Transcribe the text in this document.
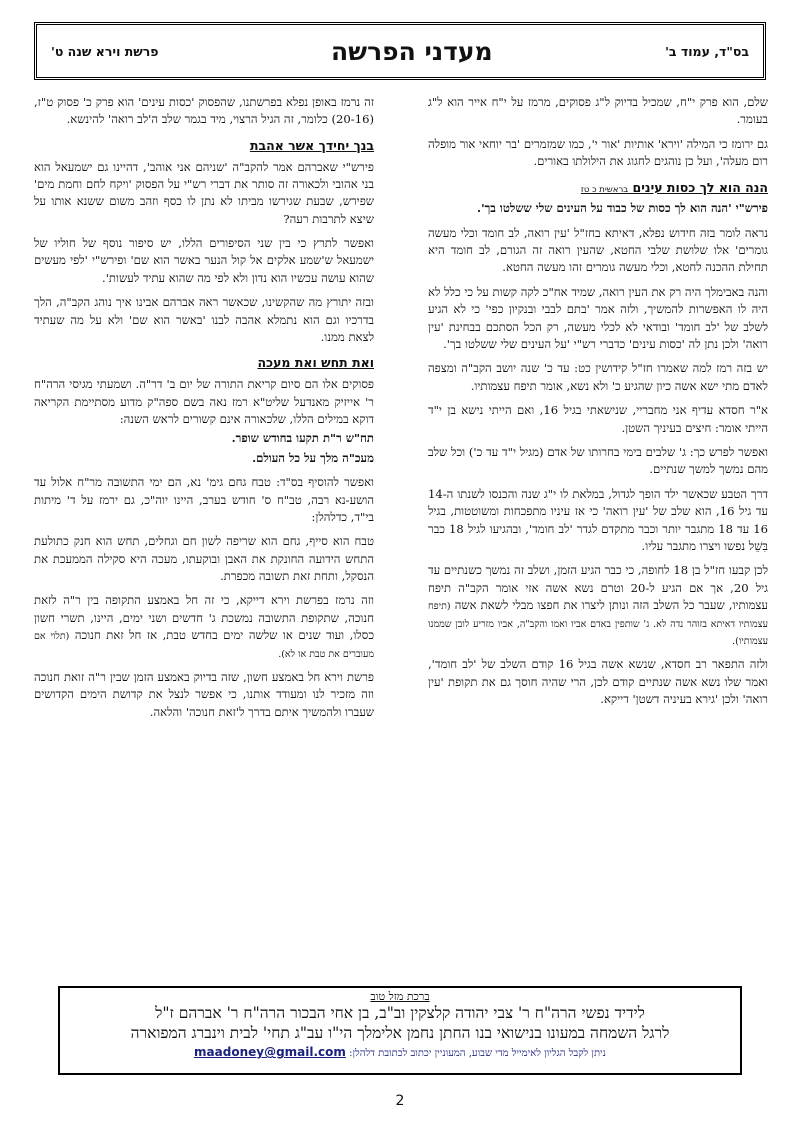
בס"ד, עמוד ב'
מעדני הפרשה
פרשת וירא שנה ט'

שלם, הוא פרק י"ח, שמכיל בדיוק ל"ג פסוקים, מרמז על י"ח אייר הוא ל"ג בעומר.

גם ירומז כי המילה 'וירא' אותיות 'אור י', כמו שמזמרים 'בר יוחאי אור מופלה רום מעלה', ועל כן נוהגים לחגוג את הילולתו באורים.

הנה הוא לך כסות עינים בראשית כ טז

פירש"י 'הנה הוא לך כסות של כבוד על העינים שלי ששלטו בך'.

נראה לומר בזה חידוש נפלא, דאיתא בחז"ל 'עין רואה, לב חומד וכלי מעשה גומרים' אלו שלושת שלבי החטא, שהעין רואה זה הגורם, לב חומד היא תחילת ההכנה לחטא, וכלי מעשה גומרים זהו מעשה החטא.

והנה באבימלך היה רק את העין רואה, שמיד אח"כ לקה קשות על כי כלל לא היה לו האפשרות להמשיך, ולזה אמר 'בתם לבבי ובנקיון כפי' כי לא הגיע לשלב של 'לב חומד' ובודאי לא לכלי מעשה, רק הכל הסתכם בבחינת 'עין רואה' ולכן נתן לה 'כסות עינים' כדברי רש"י 'על העינים שלי ששלטו בך'.

יש בזה רמז למה שאמרו חז"ל קידושין כט: עד כ' שנה יושב הקב"ה ומצפה לאדם מתי ישא אשה כיון שהגיע כ' ולא נשא, אומר תיפח עצמותיו.

א"ר חסדא עדיף אני מחבריי, שנישאתי בגיל 16, ואם הייתי נישא בן י"ד הייתי אומר: חיצים בעיניך השטן.

ואפשר לפרש כך: ג' שלבים בימי בחרותו של אדם (מגיל י"ד עד כ') וכל שלב מהם נמשך למשך שנתיים.

דרך הטבע שכאשר ילד הופך לגדול, במלאת לו י"ג שנה והכנסו לשנתו ה-14 עד גיל 16, הוא שלב של 'עין רואה' כי אז עיניו מתפכחות ומשוטטות, בגיל 16 עד 18 מתגבר יותר וכבר מתקדם לגדר 'לב חומד', ובהגיעו לגיל 18 כבר בִּשֵׁל נפשו ויצרו מתגבר עליו.

לכן קבעו חז"ל בן 18 לחופה, כי כבר הגיע הזמן, ושלב זה נמשך כשנתיים עד גיל 20, אך אם הגיע ל-20 וטרם נשא אשה אזי אומר הקב"ה תיפח עצמותיו, שעבר כל השלב הזה ונותן ליצרו את חפצו מבלי לשאת אשה (תיפח עצמותיו דאיתא בזוהר נדה לא. ג' שותפין באדם אביו ואמו והקב"ה, אביו מזריע לובן שממנו עצמותיו).

ולזה התפאר רב חסדא, שנשא אשה בגיל 16 קודם השלב של 'לב חומד', ואמר שלו נשא אשה שנתיים קודם לכן, הרי שהיה חוסך גם את תקופת 'עין רואה' ולכן 'גירא בעיניה דשטן' דייקא.

זה נרמז באופן נפלא בפרשתנו, שהפסוק 'כסות עינים' הוא פרק כ' פסוק ט"ז, (20-16) כלומר, זה הגיל הרצוי, מיד בגמר שלב ה'לב רואה' להינשא.

בנך יחידך אשר אהבת

פירש"י שאברהם אמר להקב"ה 'שניהם אני אוהב', דהיינו גם ישמעאל הוא בני אהובי ולכאורה זה סותר את דברי רש"י על הפסוק 'ויקח לחם וחמת מים' שפירש, שבעת שגירשו מביתו לא נתן לו כסף וזהב משום ששנא אותו על שיצא לתרבות רעה?

ואפשר לתרץ כי בין שני הסיפורים הללו, יש סיפור נוסף של חוליו של ישמעאל ש'שמע אלקים אל קול הנער באשר הוא שם' ופירש"י 'לפי מעשים שהוא עושה עכשיו הוא נדון ולא לפי מה שהוא עתיד לעשות'.

ובזה יתורץ מה שהקשינו, שכאשר ראה אברהם אבינו איך נוהג הקב"ה, הלך בדרכיו וגם הוא נתמלא אהבה לבנו 'באשר הוא שם' ולא על מה שעתיד לצאת ממנו.

ואת תחש ואת מעכה

פסוקים אלו הם סיום קריאת התורה של יום ב' דר"ה. ושמעתי מגיסי הרה"ח ר' אייזיק מאנדעל שליט"א רמז נאה בשם ספה"ק מדוע מסתיימת הקריאה דוקא במילים הללו, שלכאורה אינם קשורים לראש השנה:

תח"ש ר"ת תקעו בחודש שופר.

מעכ"ה מלך על כל העולם.

ואפשר להוסיף בס"ד: טבח גחם גימ' נא, הם ימי התשובה מר"ח אלול עד הושע-נא רבה, טב"ח ס' חודש בערב, היינו יוה"כ, גם ירמז על ד' מיתות בי"ד, כדלהלן:

טבח הוא סייף, גחם הוא שריפה לשון חם וגחלים, תחש הוא חנק כתולעת התחש הידועה החונקת את האבן ובוקעתו, מעכה היא סקילה הממעכת את הנסקל, ותחת זאת תשובה מכפרת.

וזה נרמז בפרשת וירא דייקא, כי זה חל באמצע התקופה בין ר"ה לזאת חנוכה, שתקופת התשובה נמשכת ג' חדשים ושני ימים, היינו, תשרי חשון כסלו, ועוד שנים או שלשה ימים בחדש טבת, אז חל זאת חנוכה (תלוי אם מעוברים את טבת או לא).

פרשת וירא חל באמצע חשון, שזה בדיוק באמצע הזמן שבין ר"ה זואת חנוכה וזה מזכיר לנו ומעודד אותנו, כי אפשר לנצל את קדושת הימים הקדושים שעברו ולהמשיך איתם בדרך ל'זאת חנוכה' והלאה.

ברכת מזל טוב
לידיד נפשי הרה"ח ר' צבי יהודה קלצקין וב"ב, בן אחי הבכור הרה"ח ר' אברהם ז"ל
לרגל השמחה במעונו בנישואי בנו החתן נחמן אלימלך הי"ו עב"ג תחי' לבית וינברג המפוארה
ניתן לקבל הגליון לאימייל מדי שבוע, המעוניין יכתוב לכתובת דלהלן: maadoney@gmail.com
2
